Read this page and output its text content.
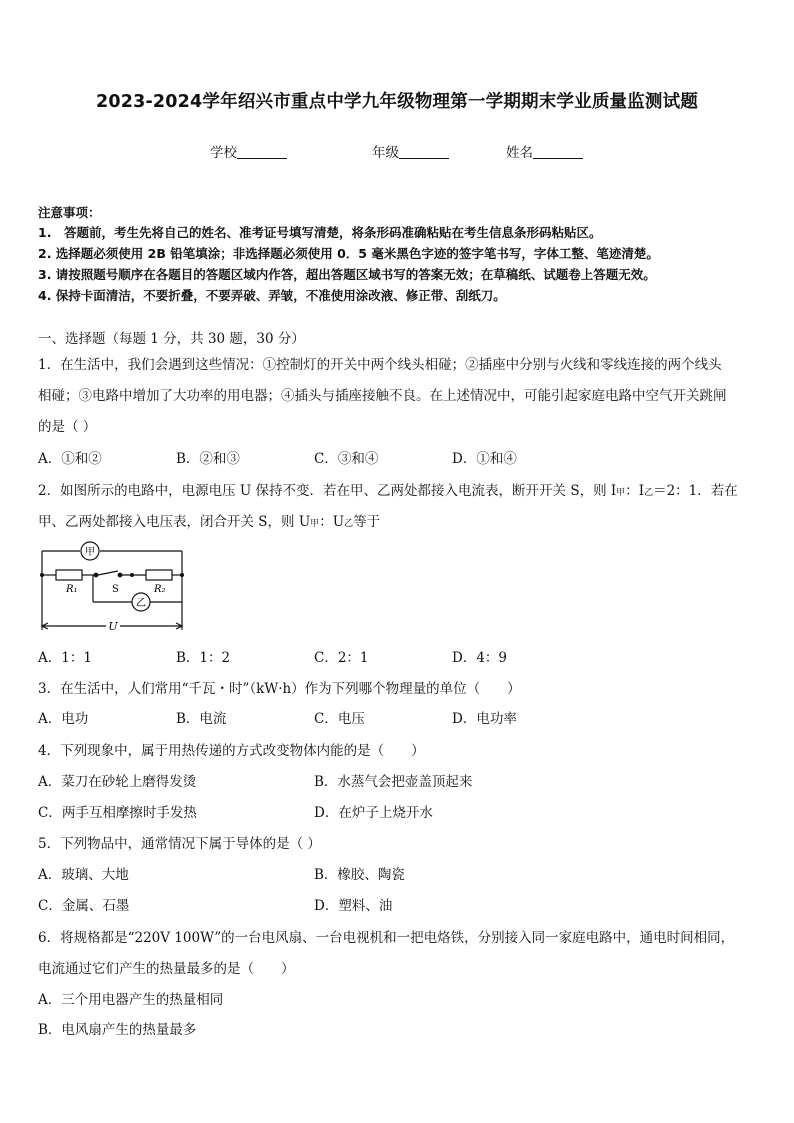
2023-2024学年绍兴市重点中学九年级物理第一学期期末学业质量监测试题
学校	年级	姓名
注意事项：
1.　答题前，考生先将自己的姓名、准考证号填写清楚，将条形码准确粘贴在考生信息条形码粘贴区。
2. 选择题必须使用 2B 铅笔填涂；非选择题必须使用 0．5 毫米黑色字迹的签字笔书写，字体工整、笔迹清楚。
3. 请按照题号顺序在各题目的答题区域内作答，超出答题区域书写的答案无效；在草稿纸、试题卷上答题无效。
4. 保持卡面清洁，不要折叠，不要弄破、弄皱，不准使用涂改液、修正带、刮纸刀。
一、选择题（每题 1 分，共 30 题，30 分）
1．在生活中，我们会遇到这些情况：①控制灯的开关中两个线头相碰；②插座中分别与火线和零线连接的两个线头
相碰；③电路中增加了大功率的用电器；④插头与插座接触不良。在上述情况中，可能引起家庭电路中空气开关跳闸
的是（ ）
A．①和②	B．②和③	C．③和④	D．①和④
2．如图所示的电路中，电源电压 U 保持不变．若在甲、乙两处都接入电流表，断开开关 S，则 I甲：I乙＝2：1．若在
甲、乙两处都接入电压表，闭合开关 S，则 U甲：U乙等于
甲
乙
R₁	R₂
S
U
A．1：1	B．1：2	C．2：1	D．4：9
3．在生活中，人们常用“千瓦・时”（kW·h）作为下列哪个物理量的单位（　　）
A．电功	B．电流	C．电压	D．电功率
4．下列现象中，属于用热传递的方式改变物体内能的是（　　）
A．菜刀在砂轮上磨得发烫	B．水蒸气会把壶盖顶起来
C．两手互相摩擦时手发热	D．在炉子上烧开水
5．下列物品中，通常情况下属于导体的是（ ）
A．玻璃、大地	B．橡胶、陶瓷
C．金属、石墨	D．塑料、油
6．将规格都是“220V 100W”的一台电风扇、一台电视机和一把电烙铁，分别接入同一家庭电路中，通电时间相同，
电流通过它们产生的热量最多的是（　　）
A．三个用电器产生的热量相同
B．电风扇产生的热量最多
